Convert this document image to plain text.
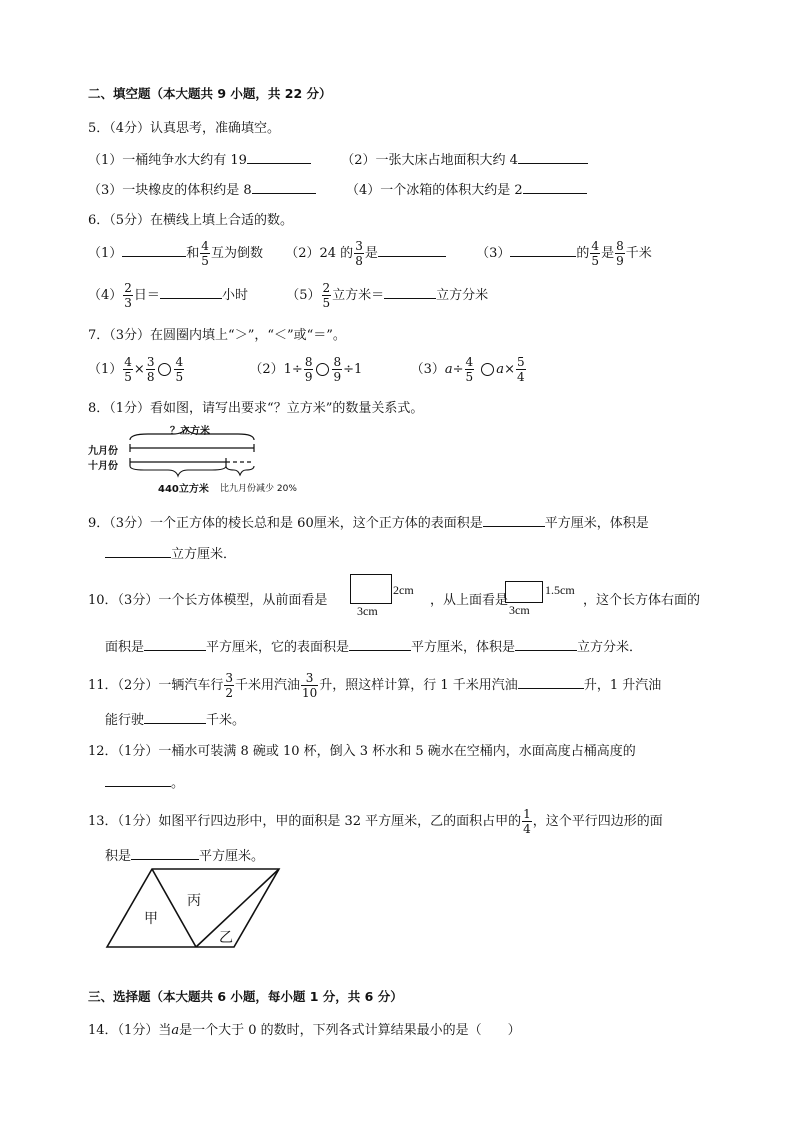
二、填空题（本大题共 9 小题，共 22 分）
5．（4分）认真思考，准确填空。
（1）一桶纯争水大约有 19	（2）一张大床占地面积大约 4
（3）一块橡皮的体积约是 8	（4）一个冰箱的体积大约是 2
6．（5分）在横线上填上合适的数。
（1）	和 $\frac{4}{5}$ 互为倒数 （2）24 的 $\frac{3}{8}$ 是	（3）	的 $\frac{4}{5}$ 是 $\frac{8}{9}$ 千米
$(4) \frac{2}{3}$ 日＝	小时	$(5) \frac{2}{5}$ 立方米＝	立方分米
7．（3分）在圆圈内填上“＞”，“＜”或“＝”。
$(1) \frac{4}{5} \times \frac{3}{8} \frac{4}{5}$	$(2)1\div \frac{8}{9} \frac{8}{9} \div 1$	$(3)a\div \frac{4}{5} a\times \frac{5}{4}$
8．（1分）看如图，请写出要求“？立方米”的数量关系式。
？立方米
九月份
十月份
440立方米 比九月份减少 20%
9．（3分）一个正方体的棱长总和是 60厘米，这个正方体的表面积是	平方厘米，体积是
立方厘米．
10．（3分）一个长方体模型，从前面看是
2cm
3cm
，从上面看是
1.5cm
3cm
，这个长方体右面的
面积是	平方厘米，它的表面积是	平方厘米，体积是	立方分米．
11．（2分）一辆汽车行 $\frac{3}{2}$ 千米用汽油 $\frac{3}{10}$ 升，照这样计算，行 1 千米用汽油	升，1 升汽油
能行驶	千米。
12．（1分）一桶水可装满 8 碗或 10 杯，倒入 3 杯水和 5 碗水在空桶内，水面高度占桶高度的
。
13．（1分）如图平行四边形中，甲的面积是 32 平方厘米，乙的面积占甲的 $\frac{1}{4}$ ，这个平行四边形的面
积是	平方厘米。
甲
丙
乙
三、选择题（本大题共 6 小题，每小题 1 分，共 6 分）
14．（1分）当a是一个大于 0 的数时，下列各式计算结果最小的是（　　）
